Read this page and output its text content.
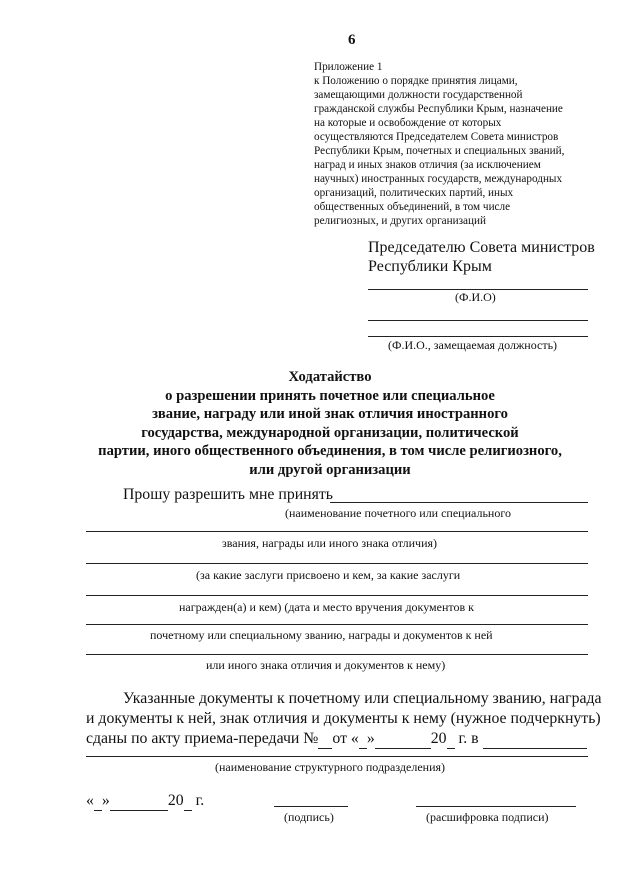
6
Приложение 1
к Положению о порядке принятия лицами,
замещающими должности государственной
гражданской службы Республики Крым, назначение
на которые и освобождение от которых
осуществляются Председателем Совета министров
Республики Крым, почетных и специальных званий,
наград и иных знаков отличия (за исключением
научных) иностранных государств, международных
организаций, политических партий, иных
общественных объединений, в том числе
религиозных, и других организаций
Председателю Совета министров
Республики Крым
(Ф.И.О)
(Ф.И.О., замещаемая должность)
Ходатайство
о разрешении принять почетное или специальное
звание, награду или иной знак отличия иностранного
государства, международной организации, политической
партии, иного общественного объединения, в том числе религиозного,
или другой организации
Прошу разрешить мне принять
(наименование почетного или специального
звания, награды или иного знака отличия)
(за какие заслуги присвоено и кем, за какие заслуги
награжден(а) и кем) (дата и место вручения документов к
почетному или специальному званию, награды и документов к ней
или иного знака отличия и документов к нему)
Указанные документы к почетному или специальному званию, награда
и документы к ней, знак отличия и документы к нему (нужное подчеркнуть)
сданы по акту приема-передачи № от « »	20 г. в
(наименование структурного подразделения)
« »	20 г.
(подпись)	(расшифровка подписи)
